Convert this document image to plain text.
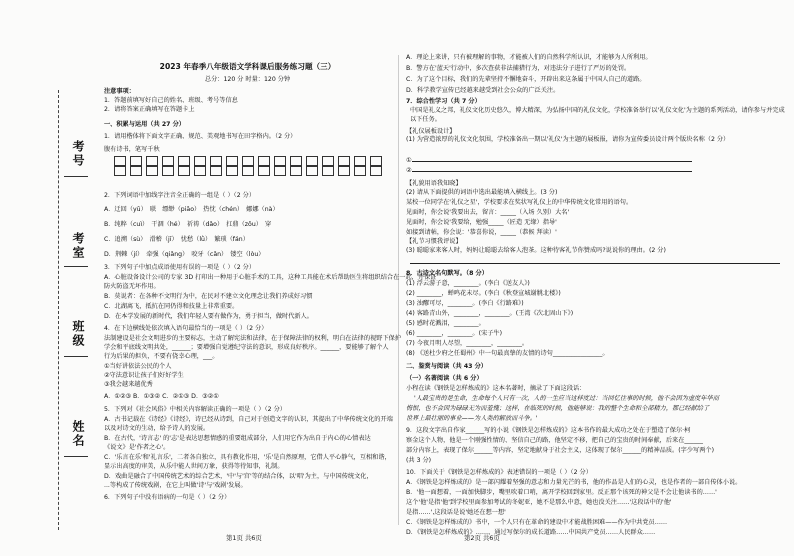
考号
考室
班级
姓名
2023 年春季八年级语文学科课后服务练习题（三）
总分：120 分 时量：120 分钟
注意事项：
1．答题前填写好自己的姓名、班级、考号等信息
2．请将答案正确填写在答题卡上
一、积累与运用（共 27 分）
1．请用楷体将下面文字正确、规范、美观地书写在田字格内。（2 分）
腹有诗书，笔写千秋
2．下列词语中加线字注音全正确的一组是（ ）（2 分）
A．迂回（yū）　联　缥缈（piāo）　热忱（chén）　娜娜（nà）
B．纯粹（cuì）　干涸（hé）　祈祷（dǎo）　扛鼎（zōu）　穿
C．追溯（sù）　滑稽（jī）　忧愁（lǜ）　繁琐（fán）
D．荆棘（jí）　牵强（qiǎng）　咬牙（cǎn）　镂空（lòu）
3．下列句子中加点成语使用有误的一项是（ ）（2 分）
A．心脏设备设计公司的专家 3D 打印出一种用于心脏手术的工具，这种工具能在术后帮助医生将组织结合在一起，并保证
防火防盗无坏作用。
B．莫说者：在各种不文明行为中，在民对不建立文化理念让我们养成好习惯
C．北湖离飞，抵抗在同仍得和技量上非常重要。
D．在本学发展的新时代，我们年轻人要有做作为，勇于担当，做时代新人。
4．在下边横线处依次填入语句最恰当的一项是（ ）（2 分）
法制建设是社会文明进步的主要标志，主动了解宪法和法律，在于保障法律的权利，明白在法律的视野下保护
学会和平底线文明共处，______；要增强自觉遵纪守法的意识，形成良好秩序。______，要能够了解个人
行为后果的担负，不要有侥幸心理，___。
①当好讲依法公民的个人
②守法意识让孩子们好好学生
③我会越来越优秀
A．①②③ B．①③② C．②①③ D．③②①
5．下列对《社会风俗》中相关内容解读正确的一项是（ ）（2 分）
A．古书记载在《诗经》《诗经》，诗已经从诗到，自己对于创造文字的认识，其提出了中华传统文化的开端
以及对诗文的生动，给予诗人的发展。
B．在古代，'诗言志' 的'志'是表达思想情感的重要组成部分，人们用它作为出自于内心的心情表达
《说文》是'作者之心'。
C．'乐言在乐'和'礼言乐'，二者各自独立，具有教化作用，'乐'是自然原理，它借人平心静气，互相和谐，
显示出高度的审美，从乐中能人世间万象，获得等待知事，礼制。
D．戏曲是融合了中国传统艺术的综合艺术，'中'与'宫'等的结合体，以'唱'为主，与中国传统文化，
...等构成了传统戏剧，在它上叫做'诗'与'戏剧'发展。
6．下列句子中没有语病的一句是（ ）（2 分）
第1页 共6页
A．理论上来讲，只有被理解的事物，才能被人们的自然科学所认识，才能够为人所利用。
B．警方在'蓝天'行动中，多次查获非法捕猎行为，对违法分子进行了严厉的处罚。
C．为了这个目标，我们的先辈坚持不懈地奋斗，开辟出来这条属于中国人自己的道路。
D．科学教学宣传已经越来越受到社会公众的广泛关注。
7．综合性学习（共 7 分）
中国是礼义之邦，礼仪文化历史悠久，博大精深，为弘扬中国的礼仪文化，学校准备举行以'礼仪文化'为主题的系列活动，请你参与并完成以下任务。
【礼仪展板设计】
(1) 为营造浓厚的礼仪文化氛围，学校准备出一期以'礼仪'为主题的展板报，请你为宣传委员设计两个版块名称（2 分）
①
②
【礼貌用语我知晓】
(2) 请从下面提供的词语中选出最能填入横线上。(3 分)
某校一位同学在'礼仪之星'，学校要求在奖状写礼仪上的中华传统文化常用的语句。
见面时，你会说'我要出去，留言：_____（入场 久别）大名'
见面时，你会说'我要给，勉强_____（匠造 无缘）指导'
如接到请帖，你会说：'恭喜你说，_____（恭候 拜读）'
【礼节习惯我评说】
(3) 聪聪家来客人时，妈妈让聪聪去给客人泡茶。这种待客礼节你赞成吗?说说你的理由。(2 分)
8．古诗文名句默写。（8 分）
(1) 浮云游子意，________。(李白《送友人》)
(2) ________，蝉鸣花未尽。(李白《秋登宣城谢脁北楼》)
(3) 浊醪可尽，________。(李白《行路难》)
(4) 客路青山外，________，________。(王湾《次北固山下》)
(5) 感时花溅泪，________。
(6) ________，________。(宋子牛)
(7) 今夜月明人尽望，________，________。
(8) 《送杜少府之任蜀州》中一句最真挚的友情的诗句________________。
二、鉴赏与阅读（共 43 分）
（一）名著阅读（共 6 分）
小程在读《钢铁是怎样炼成的》这本名著时，摘录了下面这段话：
'人最宝贵的是生命，生命每个人只有一次，人的一生应当这样度过：当回忆往事的时候，他不会因为虚度年华而
悔恨，也不会因为碌碌无为而羞愧；这样，在临死的时候，他能够说：我的整个生命和全部精力，都已经献给了
世界上最壮丽的事业——为人类的解放而斗争。'
9．这段文字出自作家______写的小说《钢铁是怎样炼成的》这本书作的最大成功之处在于塑造了保尔·柯
察金这个人物，他是一个刚强性情的、坚信自己的路，他坚定不移，把自己的宝贵的时间奉献，后来在______
部分内容上，表现了保尔______等内容，坚定地献身于社会主义，这体现了保尔______的精神品质。(字少写两个)
(共 3 分)
10．下面关于《钢铁是怎样炼成的》表述错误的一项是（ ）（2 分）
A．《钢铁是怎样炼成的》是一部闪耀着坚强的意志和力量光芒的书，他的作品是人们的心灵，也是作者的一部自传体小说。
B．'他一面想着，一面加快脚步，嘴里吹着口哨，离开学校回到家里。反正那个该死的神父是不会让他读书的……'
这个'他'是指'他'到学校里面参加考试的冬妮亚，她不是那么中意，她也没关注……'这段话中的'他'
是指……',这段话是说'她还在想一想'
C．《钢铁是怎样炼成的》书中，一个人只有在革命的建设中才能战胜困难——作为中共党员……
D．《钢铁是怎样炼成的》……，通过写保尔的成长道路……中国共产党员……人民群众……
第2页 共6页
